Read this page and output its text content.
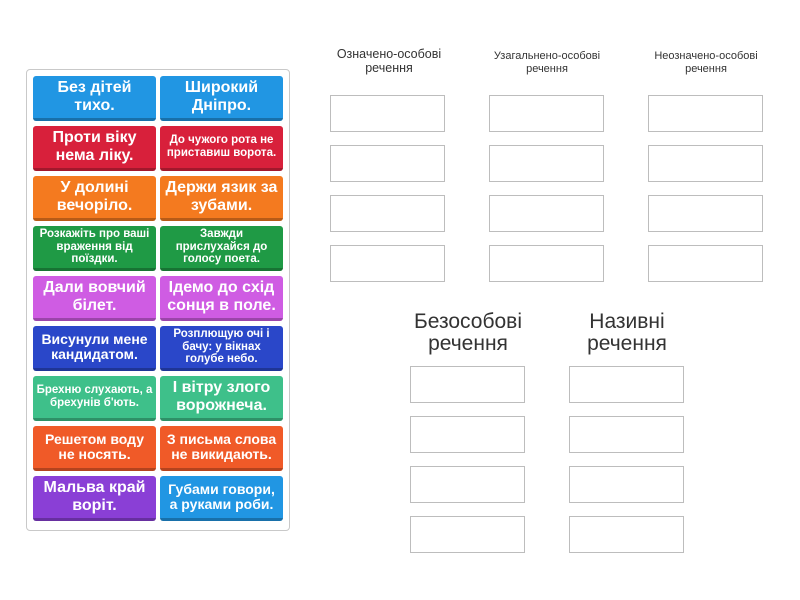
Без дітей тихо.
Широкий Дніпро.
Проти віку нема ліку.
До чужого рота не приставиш ворота.
У долині вечоріло.
Держи язик за зубами.
Розкажіть про ваші враження від поїздки.
Завжди прислухайся до голосу поета.
Дали вовчий білет.
Ідемо до схід сонця в поле.
Висунули мене кандидатом.
Розплющую очі і бачу: у вікнах голубе небо.
Брехню слухають, а брехунів б'ють.
І вітру злого ворожнеча.
Решетом воду не носять.
З письма слова не викидають.
Мальва край воріт.
Губами говори, а руками роби.
Означено-особові речення
Узагальнено-особові речення
Неозначено-особові речення
Безособові речення
Називні речення
